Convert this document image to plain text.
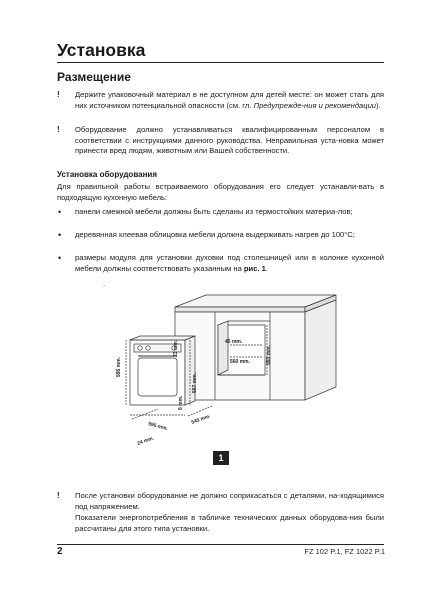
Установка
Размещение
! Держите упаковочный материал в не доступном для детей месте: он может стать для них источником потенциальной опасности (см. гл. Предупрежде-ния и рекомендации).
! Оборудование должно устанавливаться квалифицированным персоналом в соответствии с инструкциями данного руководства. Неправильная уста-новка может принести вред людям, животным или Вашей собственности.
Установка оборудования
Для правильной работы встраиваемого оборудования его следует устанавли-вать в подходящую кухонную мебель:
• панели смежной мебели должны быть сделаны из термостойких материа-лов;
• деревянная клеевая облицовка мебели должна выдерживать нагрев до 100°С;
• размеры модуля для установки духовки под столешницей или в колонке кухонной мебели должны соответствовать указанным на рис. 1.
.
595 mm.
23 mm.	45 mm.
560 mm.	583 mm.
567 mm.
5 mm.
595 mm.
545 mm.
24 mm.
1
! После установки оборудование не должно соприкасаться с деталями, на-ходящимися под напряжением.
Показатели энергопотребления в табличке технических данных оборудова-ния были рассчитаны для этого типа установки.
2	FZ 102 P.1, FZ 1022 P.1
